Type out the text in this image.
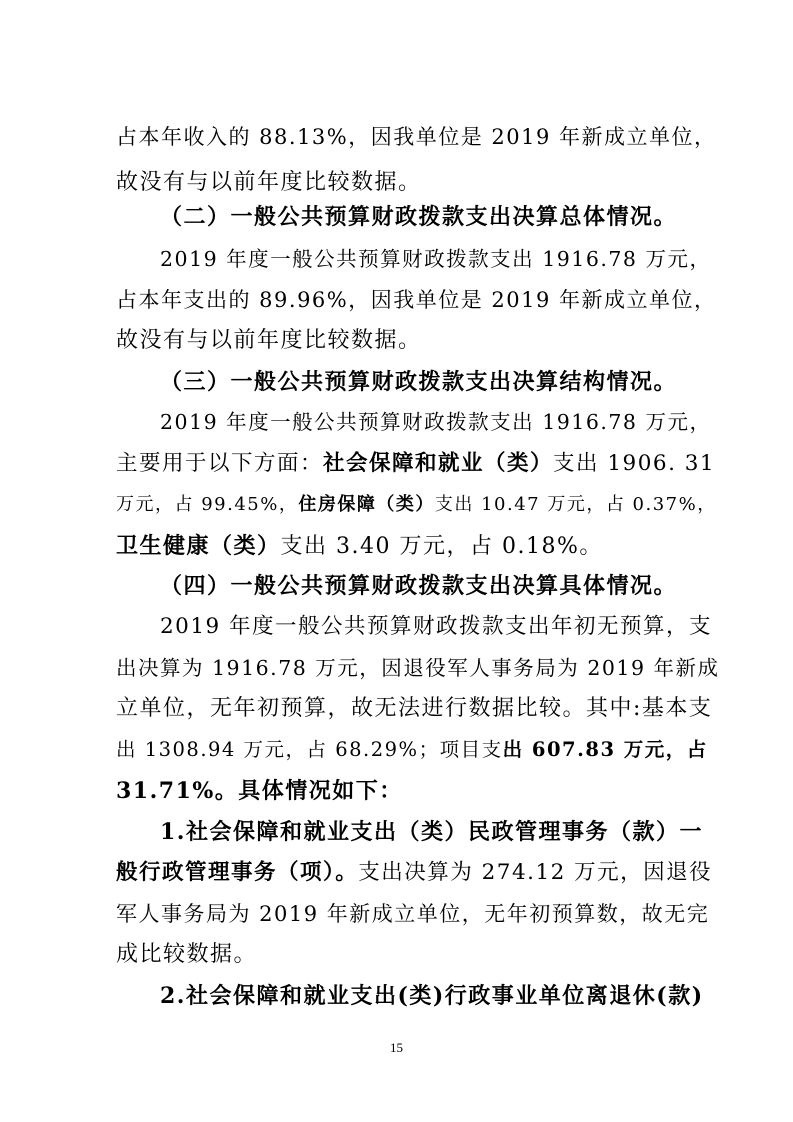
占本年收入的 88.13%，因我单位是 2019 年新成立单位，
故没有与以前年度比较数据。
（二）一般公共预算财政拨款支出决算总体情况。
2019 年度一般公共预算财政拨款支出 1916.78 万元，
占本年支出的 89.96%，因我单位是 2019 年新成立单位，
故没有与以前年度比较数据。
（三）一般公共预算财政拨款支出决算结构情况。
2019 年度一般公共预算财政拨款支出 1916.78 万元，
主要用于以下方面：社会保障和就业（类）支出 1906. 31
万元，占 99.45%，住房保障（类）支出 10.47 万元，占 0.37%，
卫生健康（类）支出 3.40 万元，占 0.18%。
（四）一般公共预算财政拨款支出决算具体情况。
2019 年度一般公共预算财政拨款支出年初无预算，支
出决算为 1916.78 万元，因退役军人事务局为 2019 年新成
立单位，无年初预算，故无法进行数据比较。其中:基本支
出 1308.94 万元，占 68.29%；项目支出 607.83 万元，占
31.71%。具体情况如下：
1.社会保障和就业支出（类）民政管理事务（款）一
般行政管理事务（项）。支出决算为 274.12 万元，因退役
军人事务局为 2019 年新成立单位，无年初预算数，故无完
成比较数据。
2.社会保障和就业支出(类)行政事业单位离退休(款)
15
